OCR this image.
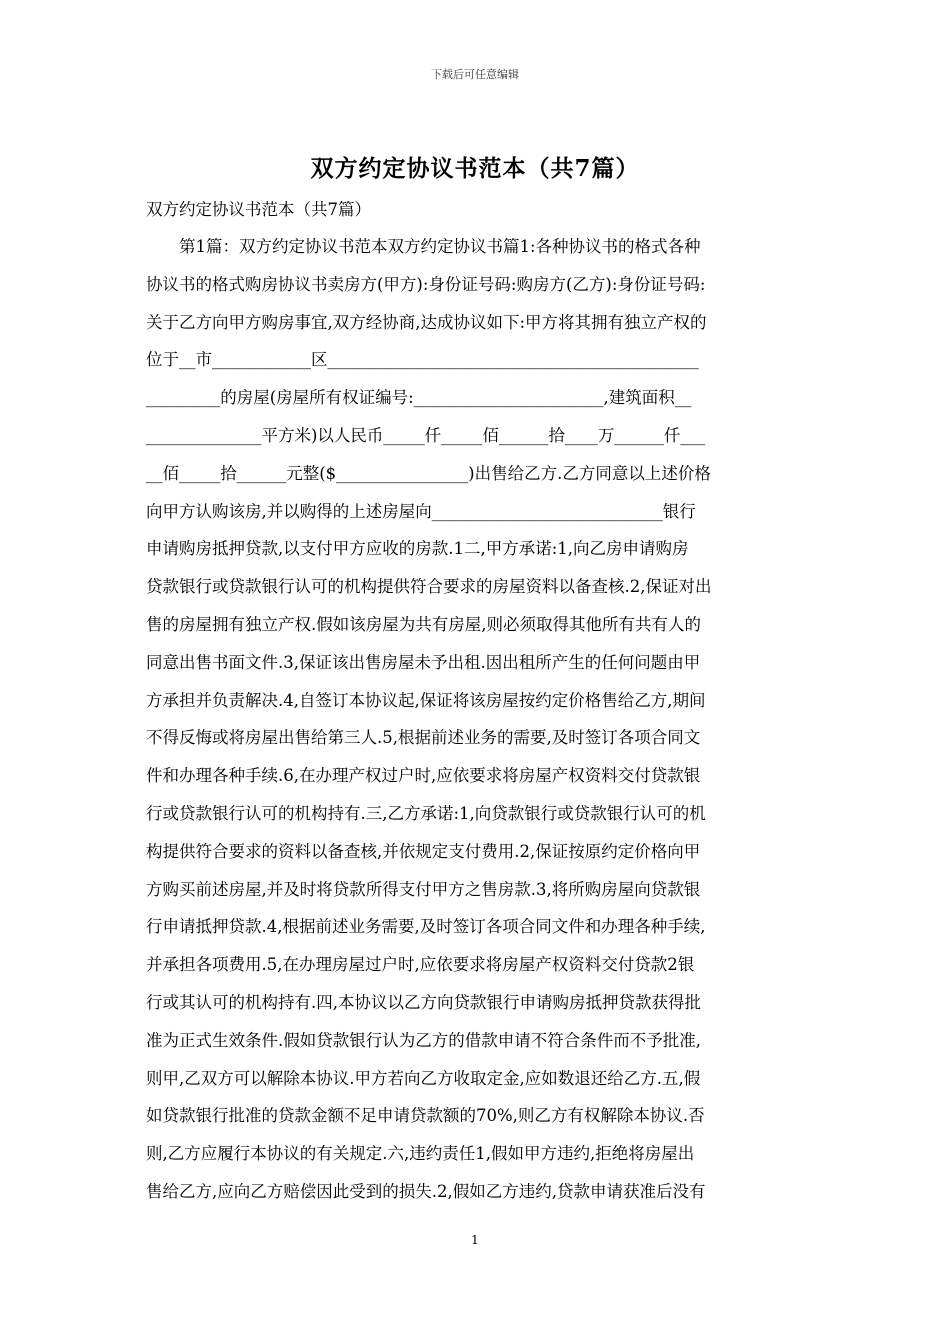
下载后可任意编辑
双方约定协议书范本（共7篇）
双方约定协议书范本（共7篇）
　　第1篇：双方约定协议书范本双方约定协议书篇1:各种协议书的格式各种
协议书的格式购房协议书卖房方(甲方):身份证号码:购房方(乙方):身份证号码:
关于乙方向甲方购房事宜,双方经协商,达成协议如下:甲方将其拥有独立产权的
位于__市____________区_____________________________________________
_________的房屋(房屋所有权证编号:_______________________,建筑面积__
______________平方米)以人民币_____仟_____佰______拾____万______仟___
__佰_____拾______元整($________________)出售给乙方.乙方同意以上述价格
向甲方认购该房,并以购得的上述房屋向____________________________银行
申请购房抵押贷款,以支付甲方应收的房款.1二,甲方承诺:1,向乙房申请购房
贷款银行或贷款银行认可的机构提供符合要求的房屋资料以备查核.2,保证对出
售的房屋拥有独立产权.假如该房屋为共有房屋,则必须取得其他所有共有人的
同意出售书面文件.3,保证该出售房屋未予出租.因出租所产生的任何问题由甲
方承担并负责解决.4,自签订本协议起,保证将该房屋按约定价格售给乙方,期间
不得反悔或将房屋出售给第三人.5,根据前述业务的需要,及时签订各项合同文
件和办理各种手续.6,在办理产权过户时,应依要求将房屋产权资料交付贷款银
行或贷款银行认可的机构持有.三,乙方承诺:1,向贷款银行或贷款银行认可的机
构提供符合要求的资料以备查核,并依规定支付费用.2,保证按原约定价格向甲
方购买前述房屋,并及时将贷款所得支付甲方之售房款.3,将所购房屋向贷款银
行申请抵押贷款.4,根据前述业务需要,及时签订各项合同文件和办理各种手续,
并承担各项费用.5,在办理房屋过户时,应依要求将房屋产权资料交付贷款2银
行或其认可的机构持有.四,本协议以乙方向贷款银行申请购房抵押贷款获得批
准为正式生效条件.假如贷款银行认为乙方的借款申请不符合条件而不予批准,
则甲,乙双方可以解除本协议.甲方若向乙方收取定金,应如数退还给乙方.五,假
如贷款银行批准的贷款金额不足申请贷款额的70%,则乙方有权解除本协议.否
则,乙方应履行本协议的有关规定.六,违约责任1,假如甲方违约,拒绝将房屋出
售给乙方,应向乙方赔偿因此受到的损失.2,假如乙方违约,贷款申请获准后没有
1
